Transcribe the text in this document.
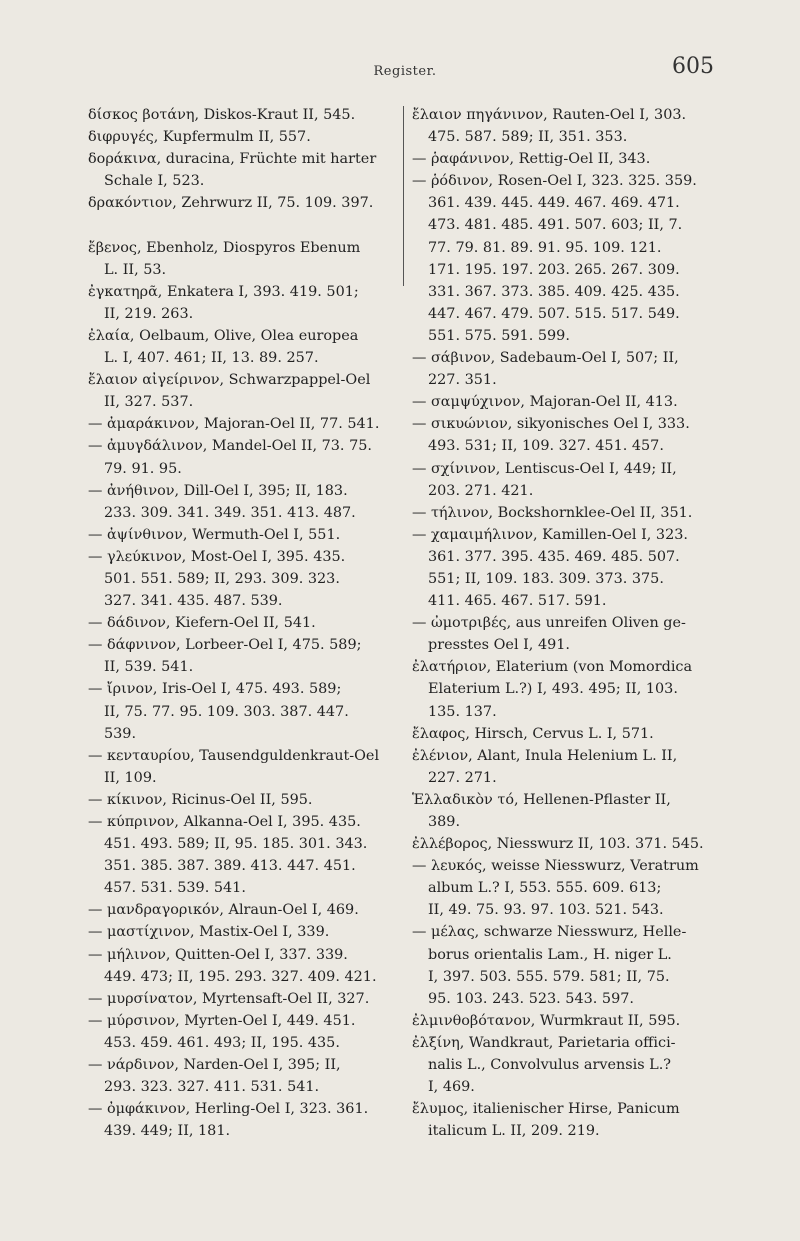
Register.	605
δίσκος βοτάνη, Diskos-Kraut II, 545.
διφρυγές, Kupfermulm II, 557.
δοράκινα, duracina, Früchte mit harter
Schale I, 523.
δρακόντιον, Zehrwurz II, 75. 109. 397.
ἔβενος, Ebenholz, Diospyros Ebenum
L. II, 53.
ἐγκατηρᾶ, Enkatera I, 393. 419. 501;
II, 219. 263.
ἐλαία, Oelbaum, Olive, Olea europea
L. I, 407. 461; II, 13. 89. 257.
ἔλαιον αἰγείρινον, Schwarzpappel-Oel
II, 327. 537.
— ἀμαράκινον, Majoran-Oel II, 77. 541.
— ἀμυγδάλινον, Mandel-Oel II, 73. 75.
79. 91. 95.
— ἀνήθινον, Dill-Oel I, 395; II, 183.
233. 309. 341. 349. 351. 413. 487.
— ἀψίνθινον, Wermuth-Oel I, 551.
— γλεύκινον, Most-Oel I, 395. 435.
501. 551. 589; II, 293. 309. 323.
327. 341. 435. 487. 539.
— δάδινον, Kiefern-Oel II, 541.
— δάφνινον, Lorbeer-Oel I, 475. 589;
II, 539. 541.
— ἴρινον, Iris-Oel I, 475. 493. 589;
II, 75. 77. 95. 109. 303. 387. 447.
539.
— κενταυρίου, Tausendguldenkraut-Oel
II, 109.
— κίκινον, Ricinus-Oel II, 595.
— κύπρινον, Alkanna-Oel I, 395. 435.
451. 493. 589; II, 95. 185. 301. 343.
351. 385. 387. 389. 413. 447. 451.
457. 531. 539. 541.
— μανδραγορικόν, Alraun-Oel I, 469.
— μαστίχινον, Mastix-Oel I, 339.
— μήλινον, Quitten-Oel I, 337. 339.
449. 473; II, 195. 293. 327. 409. 421.
— μυρσίνατον, Myrtensaft-Oel II, 327.
— μύρσινον, Myrten-Oel I, 449. 451.
453. 459. 461. 493; II, 195. 435.
— νάρδινον, Narden-Oel I, 395; II,
293. 323. 327. 411. 531. 541.
— ὀμφάκινον, Herling-Oel I, 323. 361.
439. 449; II, 181.
ἔλαιον πηγάνινον, Rauten-Oel I, 303.
475. 587. 589; II, 351. 353.
— ῥαφάνινον, Rettig-Oel II, 343.
— ῥόδινον, Rosen-Oel I, 323. 325. 359.
361. 439. 445. 449. 467. 469. 471.
473. 481. 485. 491. 507. 603; II, 7.
77. 79. 81. 89. 91. 95. 109. 121.
171. 195. 197. 203. 265. 267. 309.
331. 367. 373. 385. 409. 425. 435.
447. 467. 479. 507. 515. 517. 549.
551. 575. 591. 599.
— σάβινον, Sadebaum-Oel I, 507; II,
227. 351.
— σαμψύχινον, Majoran-Oel II, 413.
— σικυώνιον, sikyonisches Oel I, 333.
493. 531; II, 109. 327. 451. 457.
— σχίνινον, Lentiscus-Oel I, 449; II,
203. 271. 421.
— τήλινον, Bockshornklee-Oel II, 351.
— χαμαιμήλινον, Kamillen-Oel I, 323.
361. 377. 395. 435. 469. 485. 507.
551; II, 109. 183. 309. 373. 375.
411. 465. 467. 517. 591.
— ὠμοτριβές, aus unreifen Oliven ge-
presstes Oel I, 491.
ἐλατήριον, Elaterium (von Momordica
Elaterium L.?) I, 493. 495; II, 103.
135. 137.
ἔλαφος, Hirsch, Cervus L. I, 571.
ἐλένιον, Alant, Inula Helenium L. II,
227. 271.
Ἑλλαδικὸν τό, Hellenen-Pflaster II,
389.
ἐλλέβορος, Niesswurz II, 103. 371. 545.
— λευκός, weisse Niesswurz, Veratrum
album L.? I, 553. 555. 609. 613;
II, 49. 75. 93. 97. 103. 521. 543.
— μέλας, schwarze Niesswurz, Helle-
borus orientalis Lam., H. niger L.
I, 397. 503. 555. 579. 581; II, 75.
95. 103. 243. 523. 543. 597.
ἐλμινθοβότανον, Wurmkraut II, 595.
ἐλξίνη, Wandkraut, Parietaria offici-
nalis L., Convolvulus arvensis L.?
I, 469.
ἔλυμος, italienischer Hirse, Panicum
italicum L. II, 209. 219.
